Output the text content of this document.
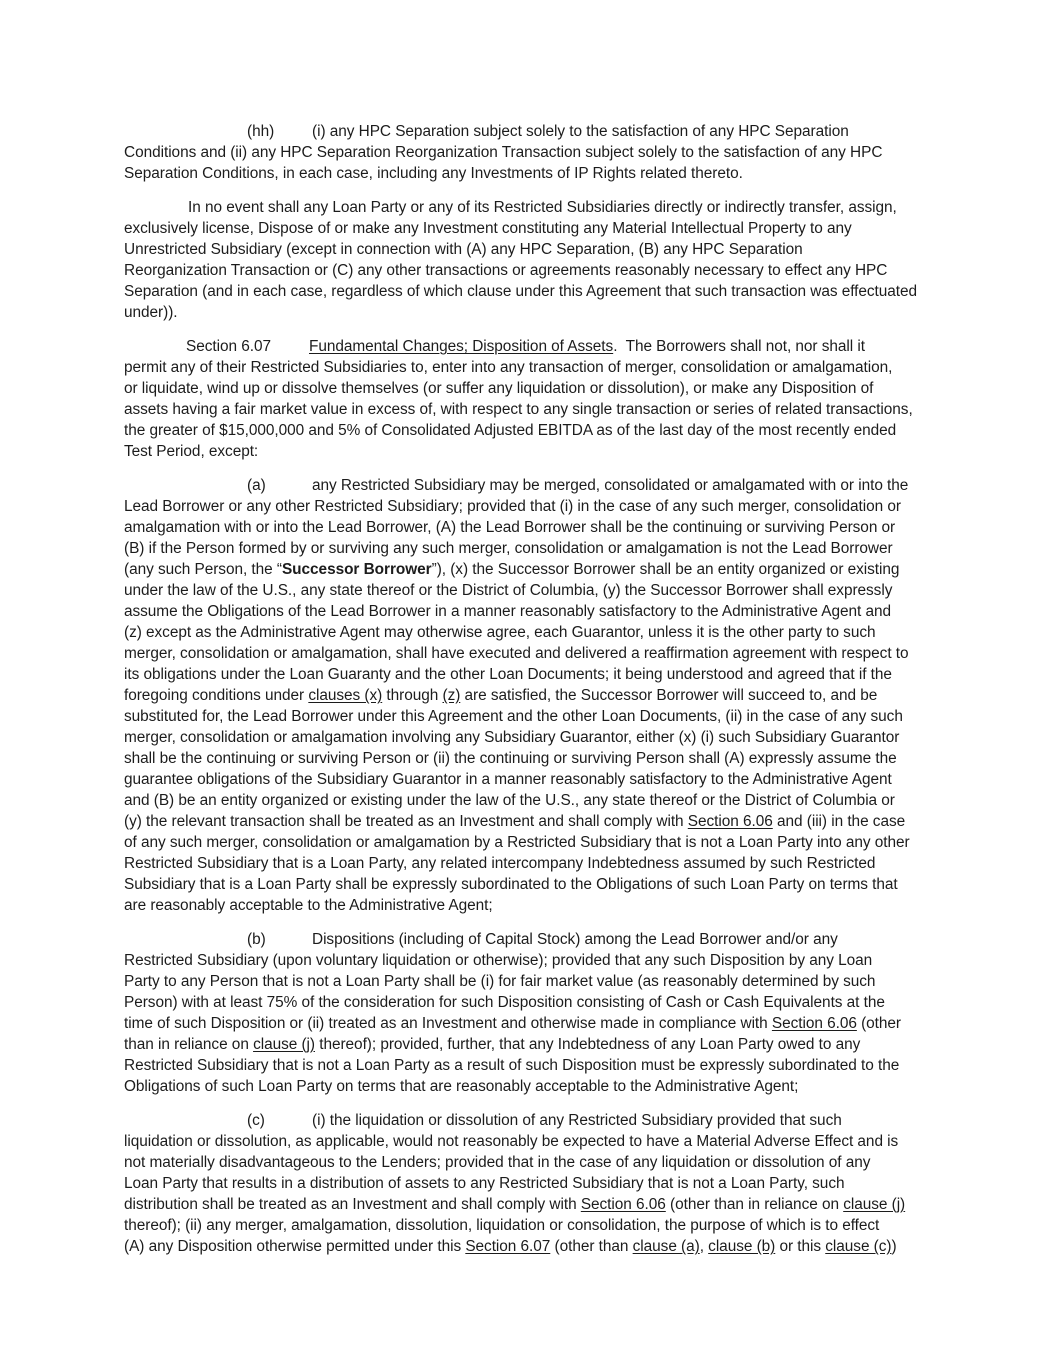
(hh) (i) any HPC Separation subject solely to the satisfaction of any HPC Separation
Conditions and (ii) any HPC Separation Reorganization Transaction subject solely to the satisfaction of any HPC
Separation Conditions, in each case, including any Investments of IP Rights related thereto.
In no event shall any Loan Party or any of its Restricted Subsidiaries directly or indirectly transfer, assign,
exclusively license, Dispose of or make any Investment constituting any Material Intellectual Property to any
Unrestricted Subsidiary (except in connection with (A) any HPC Separation, (B) any HPC Separation
Reorganization Transaction or (C) any other transactions or agreements reasonably necessary to effect any HPC
Separation (and in each case, regardless of which clause under this Agreement that such transaction was effectuated
under)).
Section 6.07 Fundamental Changes; Disposition of Assets.  The Borrowers shall not, nor shall it
permit any of their Restricted Subsidiaries to, enter into any transaction of merger, consolidation or amalgamation,
or liquidate, wind up or dissolve themselves (or suffer any liquidation or dissolution), or make any Disposition of
assets having a fair market value in excess of, with respect to any single transaction or series of related transactions,
the greater of $15,000,000 and 5% of Consolidated Adjusted EBITDA as of the last day of the most recently ended
Test Period, except:
(a)	any Restricted Subsidiary may be merged, consolidated or amalgamated with or into the
Lead Borrower or any other Restricted Subsidiary; provided that (i) in the case of any such merger, consolidation or
amalgamation with or into the Lead Borrower, (A) the Lead Borrower shall be the continuing or surviving Person or
(B) if the Person formed by or surviving any such merger, consolidation or amalgamation is not the Lead Borrower
(any such Person, the “Successor Borrower”), (x) the Successor Borrower shall be an entity organized or existing
under the law of the U.S., any state thereof or the District of Columbia, (y) the Successor Borrower shall expressly
assume the Obligations of the Lead Borrower in a manner reasonably satisfactory to the Administrative Agent and
(z) except as the Administrative Agent may otherwise agree, each Guarantor, unless it is the other party to such
merger, consolidation or amalgamation, shall have executed and delivered a reaffirmation agreement with respect to
its obligations under the Loan Guaranty and the other Loan Documents; it being understood and agreed that if the
foregoing conditions under clauses (x) through (z) are satisfied, the Successor Borrower will succeed to, and be
substituted for, the Lead Borrower under this Agreement and the other Loan Documents, (ii) in the case of any such
merger, consolidation or amalgamation involving any Subsidiary Guarantor, either (x) (i) such Subsidiary Guarantor
shall be the continuing or surviving Person or (ii) the continuing or surviving Person shall (A) expressly assume the
guarantee obligations of the Subsidiary Guarantor in a manner reasonably satisfactory to the Administrative Agent
and (B) be an entity organized or existing under the law of the U.S., any state thereof or the District of Columbia or
(y) the relevant transaction shall be treated as an Investment and shall comply with Section 6.06 and (iii) in the case
of any such merger, consolidation or amalgamation by a Restricted Subsidiary that is not a Loan Party into any other
Restricted Subsidiary that is a Loan Party, any related intercompany Indebtedness assumed by such Restricted
Subsidiary that is a Loan Party shall be expressly subordinated to the Obligations of such Loan Party on terms that
are reasonably acceptable to the Administrative Agent;
(b)	Dispositions (including of Capital Stock) among the Lead Borrower and/or any
Restricted Subsidiary (upon voluntary liquidation or otherwise); provided that any such Disposition by any Loan
Party to any Person that is not a Loan Party shall be (i) for fair market value (as reasonably determined by such
Person) with at least 75% of the consideration for such Disposition consisting of Cash or Cash Equivalents at the
time of such Disposition or (ii) treated as an Investment and otherwise made in compliance with Section 6.06 (other
than in reliance on clause (j) thereof); provided, further, that any Indebtedness of any Loan Party owed to any
Restricted Subsidiary that is not a Loan Party as a result of such Disposition must be expressly subordinated to the
Obligations of such Loan Party on terms that are reasonably acceptable to the Administrative Agent;
(c)	(i) the liquidation or dissolution of any Restricted Subsidiary provided that such
liquidation or dissolution, as applicable, would not reasonably be expected to have a Material Adverse Effect and is
not materially disadvantageous to the Lenders; provided that in the case of any liquidation or dissolution of any
Loan Party that results in a distribution of assets to any Restricted Subsidiary that is not a Loan Party, such
distribution shall be treated as an Investment and shall comply with Section 6.06 (other than in reliance on clause (j)
thereof); (ii) any merger, amalgamation, dissolution, liquidation or consolidation, the purpose of which is to effect
(A) any Disposition otherwise permitted under this Section 6.07 (other than clause (a), clause (b) or this clause (c))
